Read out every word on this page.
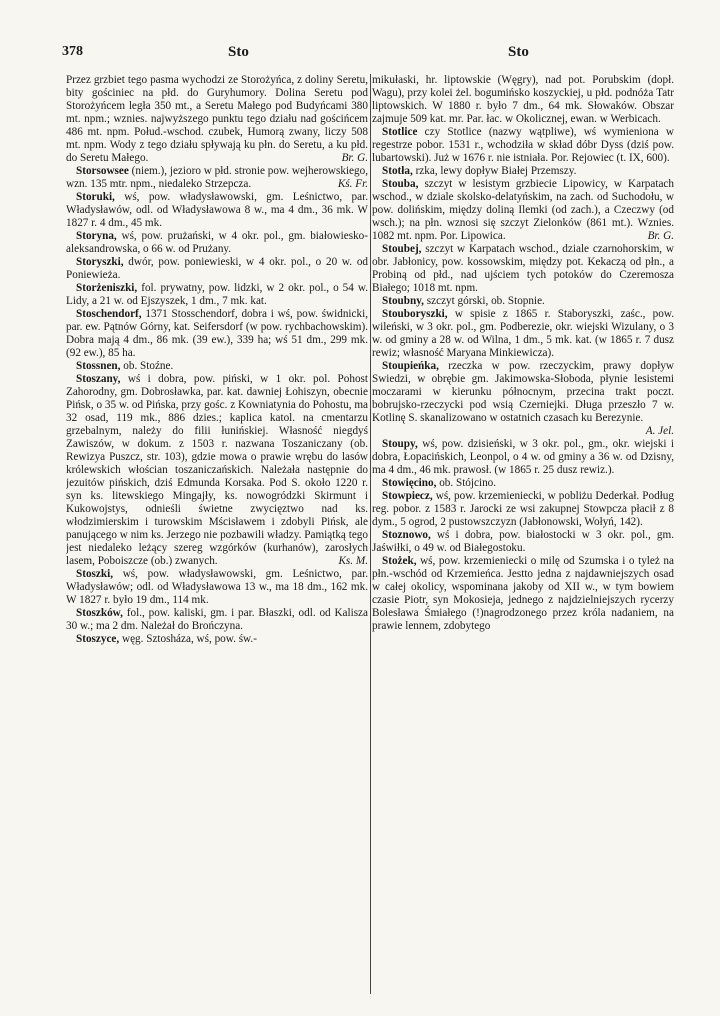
378	Sto	Sto

Przez grzbiet tego pasma wychodzi ze Storożyńca, z doliny Seretu, bity gościniec na płd. do Guryhumory. Dolina Seretu pod Storożyńcem legła 350 mt., a Seretu Małego pod Budyńcami 380 mt. npm.; wznies. najwyższego punktu tego działu nad gościńcem 486 mt. npm. Połud.-wschod. czubek, Humorą zwany, liczy 508 mt. npm. Wody z tego działu spływają ku płn. do Seretu, a ku płd. do Seretu Małego.	Br. G.

Storsowsee (niem.), jezioro w płd. stronie pow. wejherowskiego, wzn. 135 mtr. npm., niedaleko Strzepcza.	Kś. Fr.

Storuki, wś, pow. władysławowski, gm. Leśnictwo, par. Władysławów, odl. od Władysławowa 8 w., ma 4 dm., 36 mk. W 1827 r. 4 dm., 45 mk.

Storyna, wś, pow. prużański, w 4 okr. pol., gm. białowiesko-aleksandrowska, o 66 w. od Prużany.

Storyszki, dwór, pow. poniewieski, w 4 okr. pol., o 20 w. od Poniewieża.

Storżeniszki, fol. prywatny, pow. lidzki, w 2 okr. pol., o 54 w. Lidy, a 21 w. od Ejszyszek, 1 dm., 7 mk. kat.

Stoschendorf, 1371 Stosschendorf, dobra i wś, pow. świdnicki, par. ew. Pątnów Górny, kat. Seifersdorf (w pow. rychbachowskim). Dobra mają 4 dm., 86 mk. (39 ew.), 339 ha; wś 51 dm., 299 mk. (92 ew.), 85 ha.

Stossnen, ob. Stoźne.

Stoszany, wś i dobra, pow. piński, w 1 okr. pol. Pohost Zahorodny, gm. Dobrosławka, par. kat. dawniej Łohiszyn, obecnie Pińsk, o 35 w. od Pińska, przy gośc. z Kowniatynia do Pohostu, ma 32 osad, 119 mk., 886 dzies.; kaplica katol. na cmentarzu grzebalnym, należy do filii łunińskiej. Własność niegdyś Zawiszów, w dokum. z 1503 r. nazwana Toszaniczany (ob. Rewizya Puszcz, str. 103), gdzie mowa o prawie wrębu do lasów królewskich włościan toszaniczańskich. Należała następnie do jezuitów pińskich, dziś Edmunda Korsaka. Pod S. około 1220 r. syn ks. litewskiego Mingajły, ks. nowogródzki Skirmunt i Kukowojstys, odnieśli świetne zwycięztwo nad ks. włodzimierskim i turowskim Mścisławem i zdobyli Pińsk, ale panującego w nim ks. Jerzego nie pozbawili władzy. Pamiątką tego jest niedaleko leżący szereg wzgórków (kurhanów), zarosłych lasem, Poboiszcze (ob.) zwanych.	Ks. M.

Stoszki, wś, pow. władysławowski, gm. Leśnictwo, par. Władysławów; odl. od Władysławowa 13 w., ma 18 dm., 162 mk. W 1827 r. było 19 dm., 114 mk.

Stoszków, fol., pow. kaliski, gm. i par. Błaszki, odl. od Kalisza 30 w.; ma 2 dm. Należał do Brończyna.

Stoszyce, węg. Sztosháza, wś, pow. św.-

mikułaski, hr. liptowskie (Węgry), nad pot. Porubskim (dopł. Wagu), przy kolei żel. bogumińsko koszyckiej, u płd. podnóża Tatr liptowskich. W 1880 r. było 7 dm., 64 mk. Słowaków. Obszar zajmuje 509 kat. mr. Par. łac. w Okolicznej, ewan. w Werbicach.

Stotlice czy Stotlice (nazwy wątpliwe), wś wymieniona w regestrze pobor. 1531 r., wchodziła w skład dóbr Dyss (dziś pow. lubartowski). Już w 1676 r. nie istniała. Por. Rejowiec (t. IX, 600).

Stotła, rzka, lewy dopływ Białej Przemszy.

Stouba, szczyt w lesistym grzbiecie Lipowicy, w Karpatach wschod., w dziale skolsko-delatyńskim, na zach. od Suchodołu, w pow. dolińskim, między doliną Ilemki (od zach.), a Czeczwy (od wsch.); na płn. wznosi się szczyt Zielonków (861 mt.). Wznies. 1082 mt. npm. Por. Lipowica.	Br. G.

Stoubej, szczyt w Karpatach wschod., dziale czarnohorskim, w obr. Jabłonicy, pow. kossowskim, między pot. Kekaczą od płn., a Probiną od płd., nad ujściem tych potoków do Czeremosza Białego; 1018 mt. npm.

Stoubny, szczyt górski, ob. Stopnie.

Stouboryszki, w spisie z 1865 r. Staboryszki, zaśc., pow. wileński, w 3 okr. pol., gm. Podberezie, okr. wiejski Wizulany, o 3 w. od gminy a 28 w. od Wilna, 1 dm., 5 mk. kat. (w 1865 r. 7 dusz rewiz; własność Maryana Minkiewicza).

Stoupieńka, rzeczka w pow. rzeczyckim, prawy dopływ Swiedzi, w obrębie gm. Jakimowska-Słoboda, płynie lesistemi moczarami w kierunku północnym, przecina trakt poczt. bobrujsko-rzeczycki pod wsią Czerniejki. Długa przeszło 7 w. Kotlinę S. skanalizowano w ostatnich czasach ku Berezynie.
A. Jel.

Stoupy, wś, pow. dzisieński, w 3 okr. pol., gm., okr. wiejski i dobra, Łopacińskich, Leonpol, o 4 w. od gminy a 36 w. od Dzisny, ma 4 dm., 46 mk. prawosł. (w 1865 r. 25 dusz rewiz.).

Stowięcino, ob. Stójcino.

Stowpiecz, wś, pow. krzemieniecki, w pobliżu Dederkał. Podług reg. pobor. z 1583 r. Jarocki ze wsi zakupnej Stowpcza płacił z 8 dym., 5 ogrod, 2 pustowszczyzn (Jabłonowski, Wołyń, 142).

Stoznowo, wś i dobra, pow. białostocki w 3 okr. pol., gm. Jaświłki, o 49 w. od Białegostoku.

Stożek, wś, pow. krzemieniecki o milę od Szumska i o tyleż na płn.-wschód od Krzemieńca. Jestto jedna z najdawniejszych osad w całej okolicy, wspominana jakoby od XII w., w tym bowiem czasie Piotr, syn Mokosieja, jednego z najdzielniejszych rycerzy Bolesława Śmiałego (!)nagrodzonego przez króla nadaniem, na prawie lennem, zdobytego
